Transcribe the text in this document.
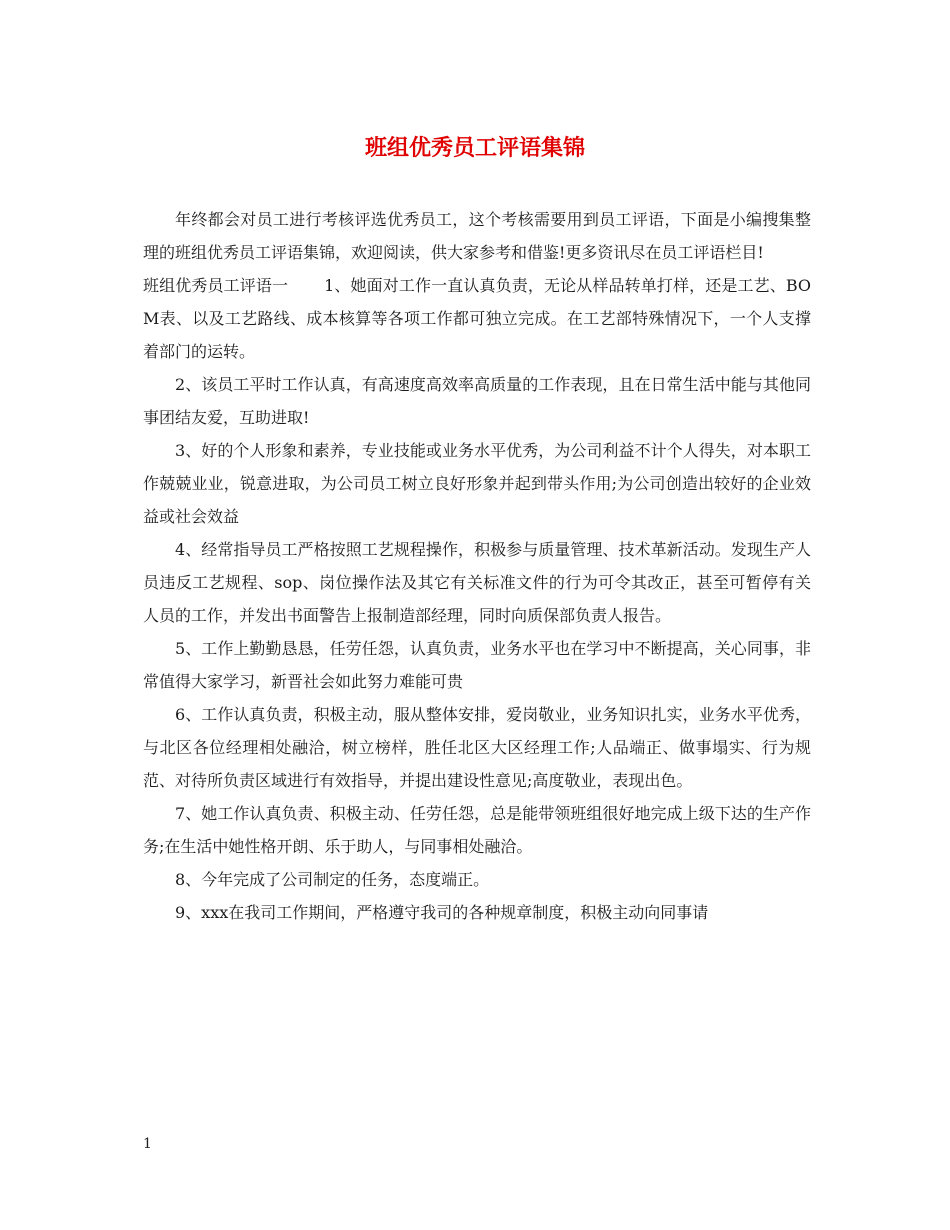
班组优秀员工评语集锦

年终都会对员工进行考核评选优秀员工，这个考核需要用到员工评语，下面是小编搜集整理的班组优秀员工评语集锦，欢迎阅读，供大家参考和借鉴!更多资讯尽在员工评语栏目!

班组优秀员工评语一 1、她面对工作一直认真负责，无论从样品转单打样，还是工艺、BOM表、以及工艺路线、成本核算等各项工作都可独立完成。在工艺部特殊情况下，一个人支撑着部门的运转。

2、该员工平时工作认真，有高速度高效率高质量的工作表现，且在日常生活中能与其他同事团结友爱，互助进取!

3、好的个人形象和素养，专业技能或业务水平优秀，为公司利益不计个人得失，对本职工作兢兢业业，锐意进取，为公司员工树立良好形象并起到带头作用;为公司创造出较好的企业效益或社会效益

4、经常指导员工严格按照工艺规程操作，积极参与质量管理、技术革新活动。发现生产人员违反工艺规程、sop、岗位操作法及其它有关标准文件的行为可令其改正，甚至可暂停有关人员的工作，并发出书面警告上报制造部经理，同时向质保部负责人报告。

5、工作上勤勤恳恳，任劳任怨，认真负责，业务水平也在学习中不断提高，关心同事，非常值得大家学习，新晋社会如此努力难能可贵

6、工作认真负责，积极主动，服从整体安排，爱岗敬业，业务知识扎实，业务水平优秀，与北区各位经理相处融洽，树立榜样，胜任北区大区经理工作;人品端正、做事塌实、行为规范、对待所负责区域进行有效指导，并提出建设性意见;高度敬业，表现出色。

7、她工作认真负责、积极主动、任劳任怨，总是能带领班组很好地完成上级下达的生产作务;在生活中她性格开朗、乐于助人，与同事相处融洽。

8、今年完成了公司制定的任务，态度端正。

9、xxx在我司工作期间，严格遵守我司的各种规章制度，积极主动向同事请

1
